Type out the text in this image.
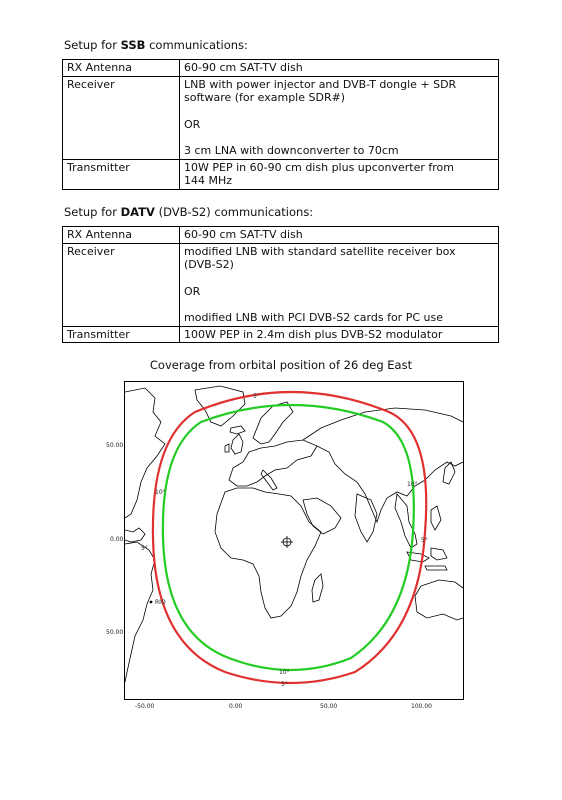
Setup for SSB communications:
RX Antenna	60-90 cm SAT-TV dish

Receiver	LNB with power injector and DVB-T dongle + SDR
software (for example SDR#)
OR
3 cm LNA with downconverter to 70cm

Transmitter	10W PEP in 60-90 cm dish plus upconverter from
144 MHz
Setup for DATV (DVB-S2) communications:
RX Antenna	60-90 cm SAT-TV dish

Receiver	modified LNB with standard satellite receiver box
(DVB-S2)
OR
modified LNB with PCI DVB-S2 cards for PC use

Transmitter	100W PEP in 2.4m dish plus DVB-S2 modulator
Coverage from orbital position of 26 deg East
50.00
0.00
50.00
-50.00	0.00	50.00	100.00
5°
10°
10°
5°
5°
10°
5°
RIO
